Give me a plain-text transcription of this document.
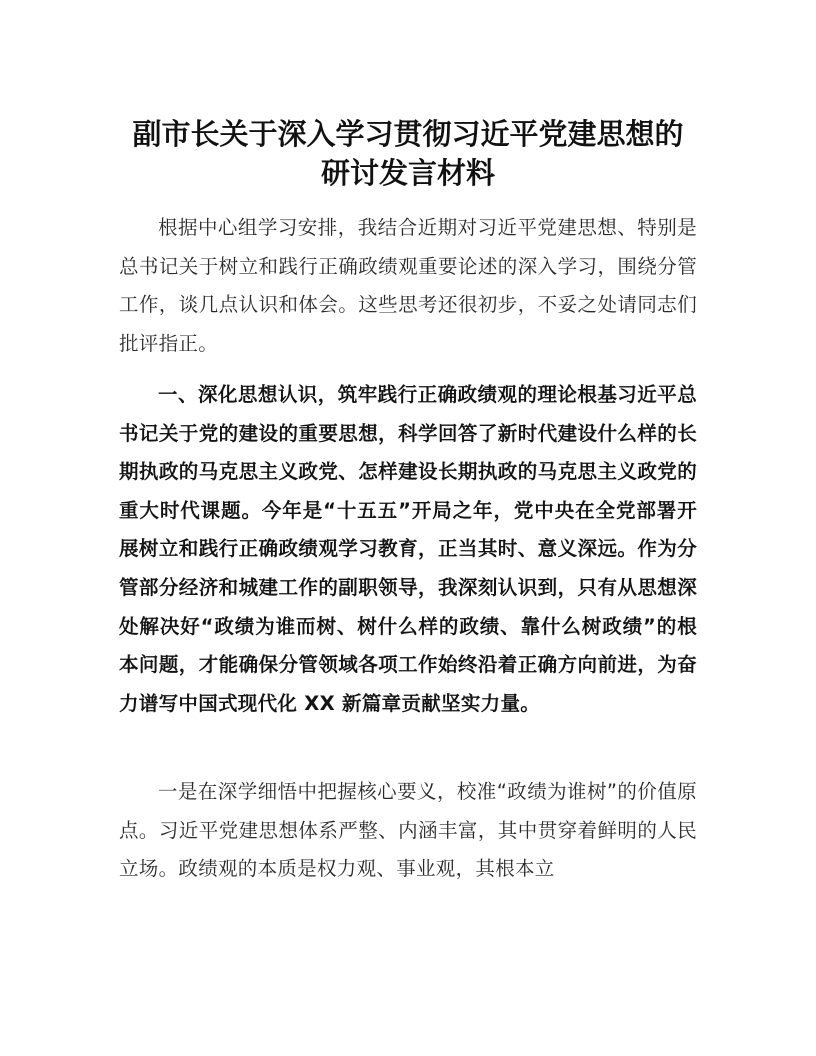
副市长关于深入学习贯彻习近平党建思想的
研讨发言材料

根据中心组学习安排，我结合近期对习近平党建思想、特别是总书记关于树立和践行正确政绩观重要论述的深入学习，围绕分管工作，谈几点认识和体会。这些思考还很初步，不妥之处请同志们批评指正。

一、深化思想认识，筑牢践行正确政绩观的理论根基习近平总书记关于党的建设的重要思想，科学回答了新时代建设什么样的长期执政的马克思主义政党、怎样建设长期执政的马克思主义政党的重大时代课题。今年是“十五五”开局之年，党中央在全党部署开展树立和践行正确政绩观学习教育，正当其时、意义深远。作为分管部分经济和城建工作的副职领导，我深刻认识到，只有从思想深处解决好“政绩为谁而树、树什么样的政绩、靠什么树政绩”的根本问题，才能确保分管领域各项工作始终沿着正确方向前进，为奋力谱写中国式现代化 XX 新篇章贡献坚实力量。

一是在深学细悟中把握核心要义，校准“政绩为谁树”的价值原点。习近平党建思想体系严整、内涵丰富，其中贯穿着鲜明的人民立场。政绩观的本质是权力观、事业观，其根本立
